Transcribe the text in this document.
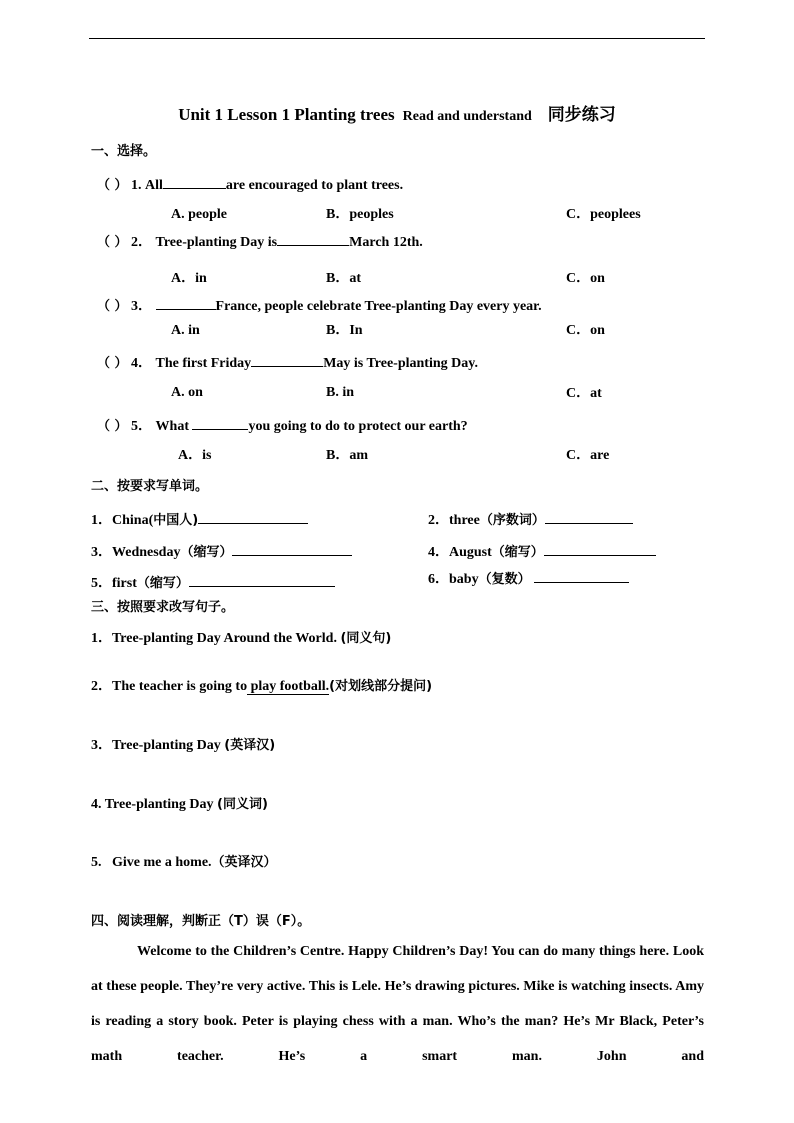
Unit 1 Lesson 1 Planting trees Read and understand 同步练习
一、选择。
（ ） 1. All	are encouraged to plant trees.
A. people	B．peoples	C．peoplees
（ ） 2． Tree-planting Day is	March 12th.
A．in	B．at	C．on
（ ） 3．	France, people celebrate Tree-planting Day every year.
A. in	B．In	C．on
（ ） 4． The first Friday	May is Tree-planting Day.
A. on	B. in	C．at
（ ） 5． What	you going to do to protect our earth?
A．is	B．am	C．are
二、按要求写单词。
1．China(中国人)	2．three（序数词）
3．Wednesday（缩写）	4．August（缩写）
5．first（缩写）	6．baby（复数）
三、按照要求改写句子。
1．Tree-planting Day Around the World. (同义句)
2．The teacher is going to play football.(对划线部分提问)
3．Tree-planting Day (英译汉)
4. Tree-planting Day (同义词)
5.   Give me a home.（英译汉）
四、阅读理解，判断正（T）误（F）。
Welcome to the Children’s Centre. Happy Children’s Day! You can do many things here. Look at these people. They’re very active. This is Lele. He’s drawing pictures. Mike is watching insects. Amy is reading a story book. Peter is playing chess with a man. Who’s the man? He’s Mr Black, Peter’s math teacher. He’s a smart man. John and
